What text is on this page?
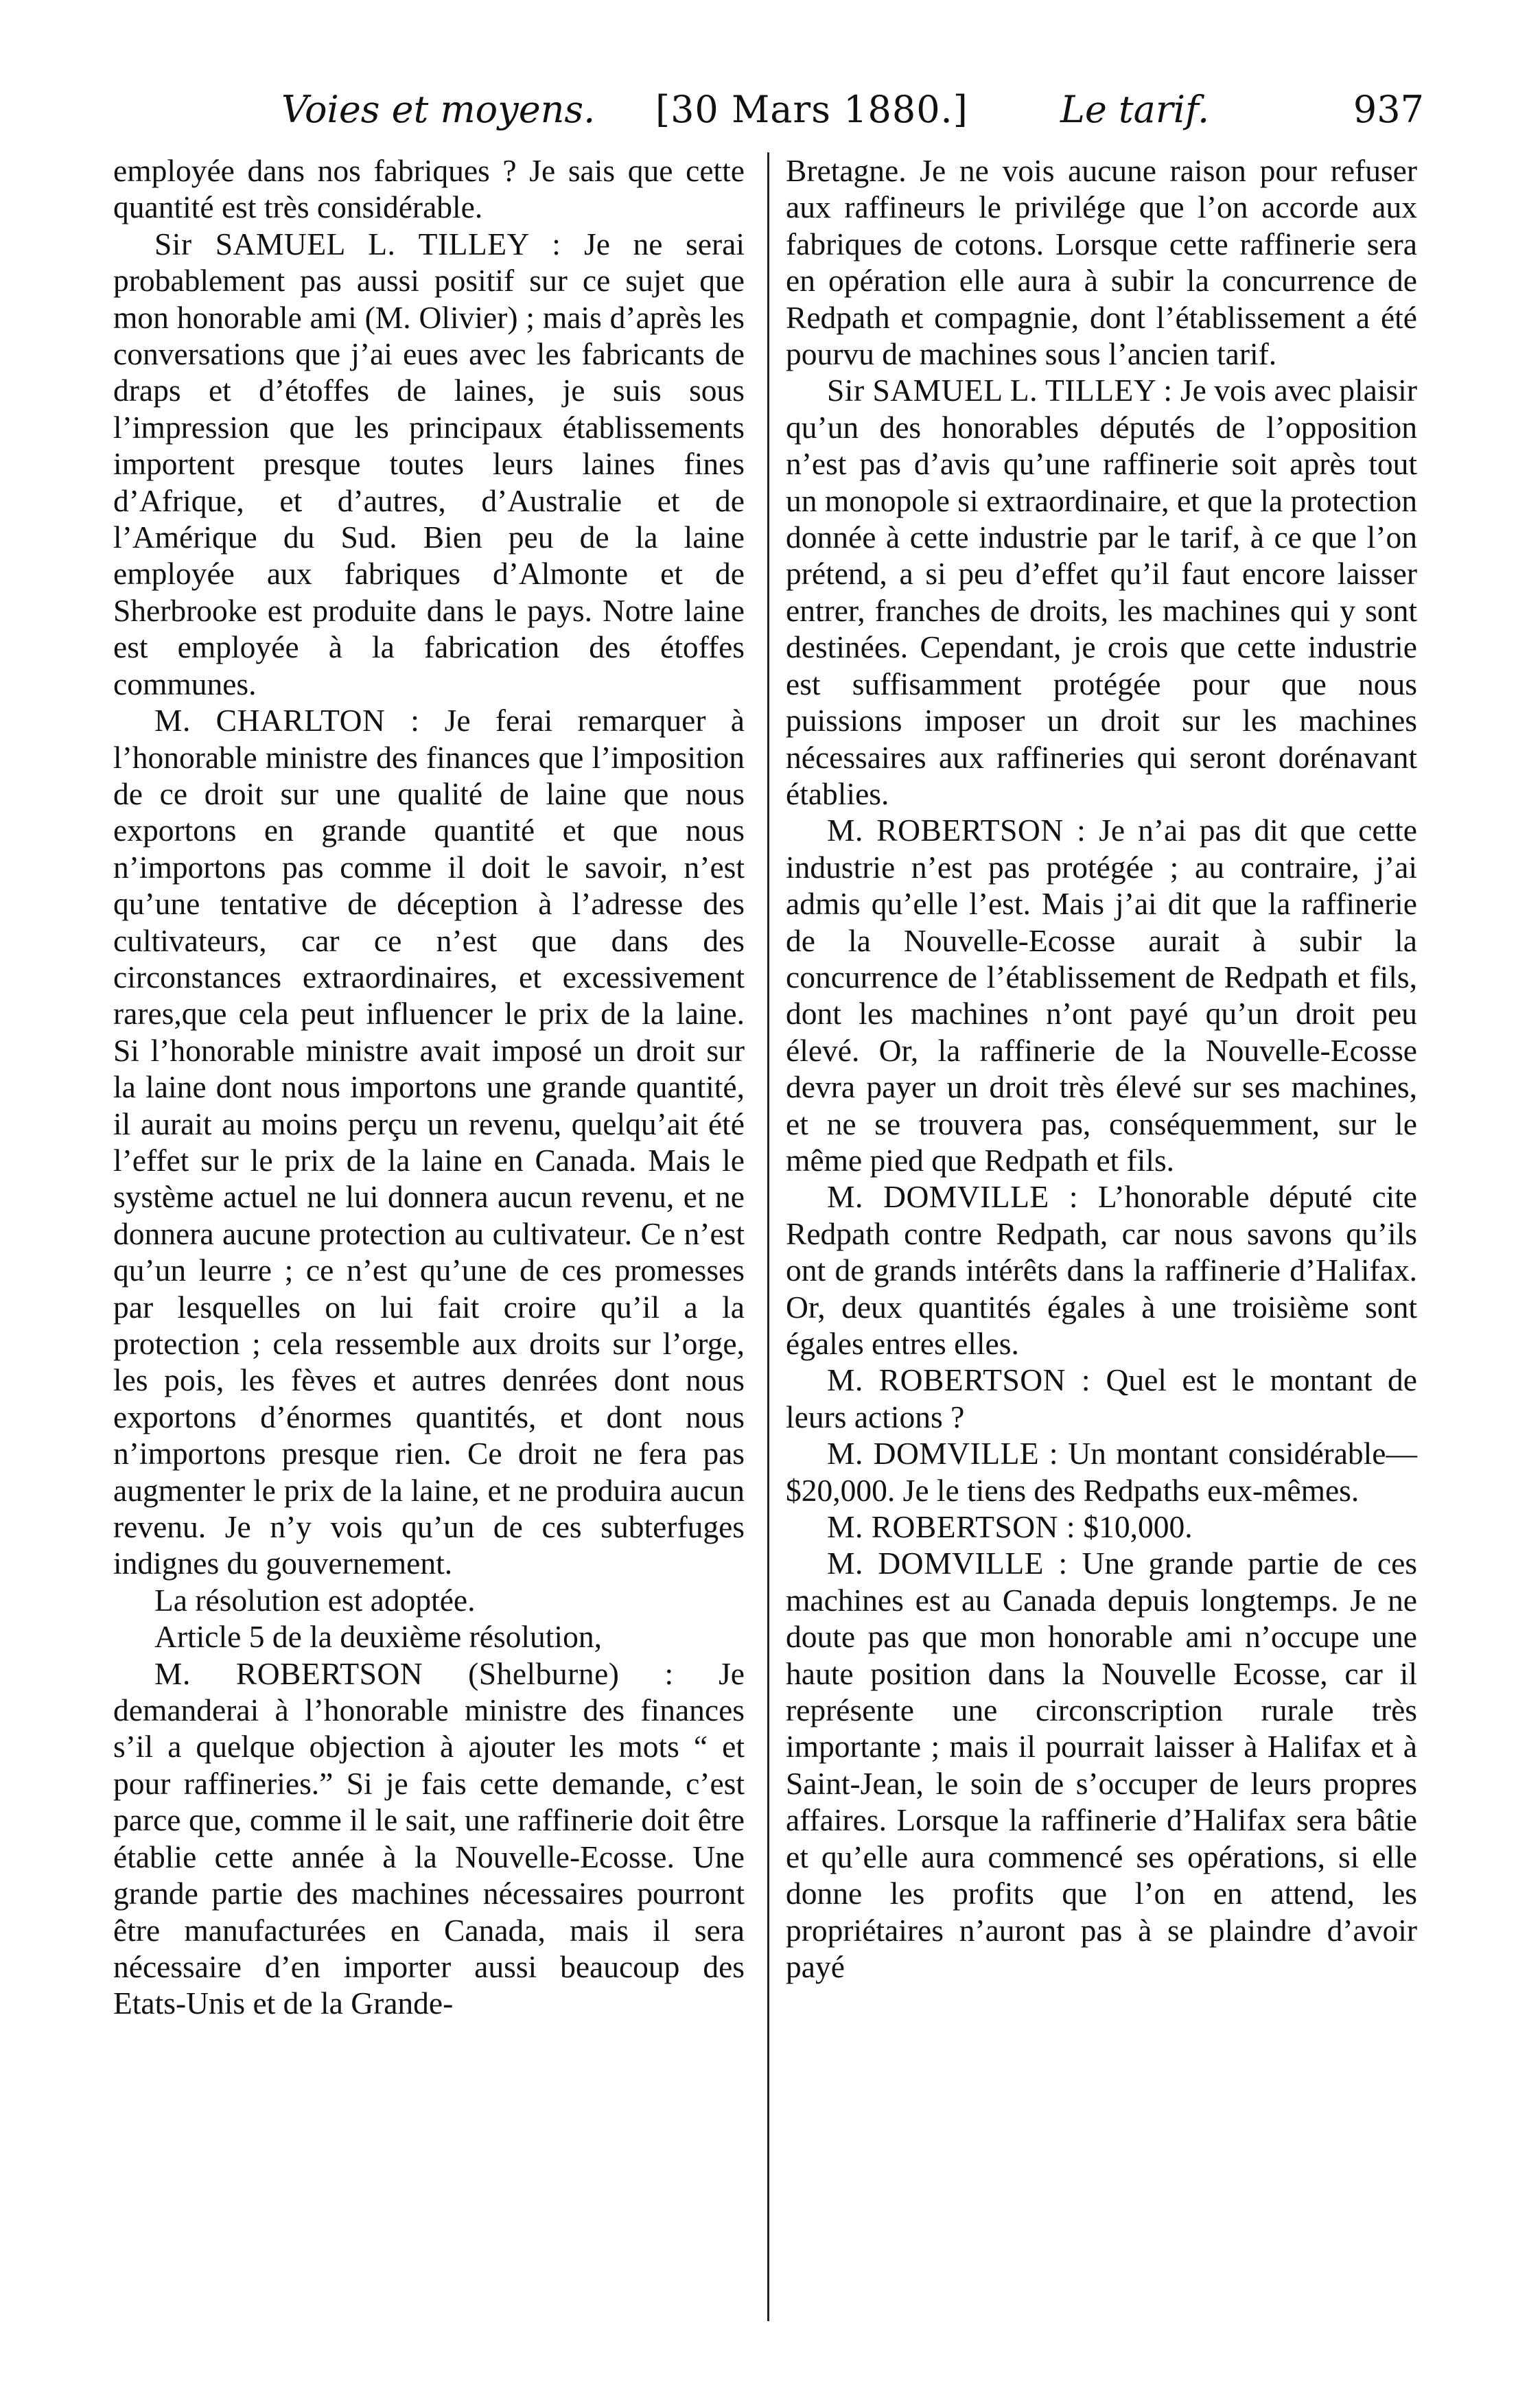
Voies et moyens. [30 Mars 1880.] Le tarif.	937

employée dans nos fabriques ? Je sais que cette quantité est très considérable.

Sir SAMUEL L. TILLEY : Je ne serai probablement pas aussi positif sur ce sujet que mon honorable ami (M. Olivier) ; mais d’après les conversations que j’ai eues avec les fabricants de draps et d’étoffes de laines, je suis sous l’impression que les principaux établissements importent presque toutes leurs laines fines d’Afrique, et d’autres, d’Australie et de l’Amérique du Sud. Bien peu de la laine employée aux fabriques d’Almonte et de Sherbrooke est produite dans le pays. Notre laine est employée à la fabrication des étoffes communes.

M. CHARLTON : Je ferai remarquer à l’honorable ministre des finances que l’imposition de ce droit sur une qualité de laine que nous exportons en grande quantité et que nous n’importons pas comme il doit le savoir, n’est qu’une tentative de déception à l’adresse des cultivateurs, car ce n’est que dans des circonstances extraordinaires, et excessivement rares,que cela peut influencer le prix de la laine. Si l’honorable ministre avait imposé un droit sur la laine dont nous importons une grande quantité, il aurait au moins perçu un revenu, quelqu’ait été l’effet sur le prix de la laine en Canada. Mais le système actuel ne lui donnera aucun revenu, et ne donnera aucune protection au cultivateur. Ce n’est qu’un leurre ; ce n’est qu’une de ces promesses par lesquelles on lui fait croire qu’il a la protection ; cela ressemble aux droits sur l’orge, les pois, les fèves et autres denrées dont nous exportons d’énormes quantités, et dont nous n’importons presque rien. Ce droit ne fera pas augmenter le prix de la laine, et ne produira aucun revenu. Je n’y vois qu’un de ces subterfuges indignes du gouvernement.

La résolution est adoptée.

Article 5 de la deuxième résolution,

M. ROBERTSON (Shelburne) : Je demanderai à l’honorable ministre des finances s’il a quelque objection à ajouter les mots “ et pour raffineries.” Si je fais cette demande, c’est parce que, comme il le sait, une raffinerie doit être établie cette année à la Nouvelle-Ecosse. Une grande partie des machines nécessaires pourront être manufacturées en Canada, mais il sera nécessaire d’en importer aussi beaucoup des Etats-Unis et de la Grande-

Bretagne. Je ne vois aucune raison pour refuser aux raffineurs le privilége que l’on accorde aux fabriques de cotons. Lorsque cette raffinerie sera en opération elle aura à subir la concurrence de Redpath et compagnie, dont l’établissement a été pourvu de machines sous l’ancien tarif.

Sir SAMUEL L. TILLEY : Je vois avec plaisir qu’un des honorables députés de l’opposition n’est pas d’avis qu’une raffinerie soit après tout un monopole si extraordinaire, et que la protection donnée à cette industrie par le tarif, à ce que l’on prétend, a si peu d’effet qu’il faut encore laisser entrer, franches de droits, les machines qui y sont destinées. Cependant, je crois que cette industrie est suffisamment protégée pour que nous puissions imposer un droit sur les machines nécessaires aux raffineries qui seront dorénavant établies.

M. ROBERTSON : Je n’ai pas dit que cette industrie n’est pas protégée ; au contraire, j’ai admis qu’elle l’est. Mais j’ai dit que la raffinerie de la Nouvelle-Ecosse aurait à subir la concurrence de l’établissement de Redpath et fils, dont les machines n’ont payé qu’un droit peu élevé. Or, la raffinerie de la Nouvelle-Ecosse devra payer un droit très élevé sur ses machines, et ne se trouvera pas, conséquemment, sur le même pied que Redpath et fils.

M. DOMVILLE : L’honorable député cite Redpath contre Redpath, car nous savons qu’ils ont de grands intérêts dans la raffinerie d’Halifax. Or, deux quantités égales à une troisième sont égales entres elles.

M. ROBERTSON : Quel est le montant de leurs actions ?

M. DOMVILLE : Un montant considérable—$20,000. Je le tiens des Redpaths eux-mêmes.

M. ROBERTSON : $10,000.

M. DOMVILLE : Une grande partie de ces machines est au Canada depuis longtemps. Je ne doute pas que mon honorable ami n’occupe une haute position dans la Nouvelle Ecosse, car il représente une circonscription rurale très importante ; mais il pourrait laisser à Halifax et à Saint-Jean, le soin de s’occuper de leurs propres affaires. Lorsque la raffinerie d’Halifax sera bâtie et qu’elle aura commencé ses opérations, si elle donne les profits que l’on en attend, les propriétaires n’auront pas à se plaindre d’avoir payé
